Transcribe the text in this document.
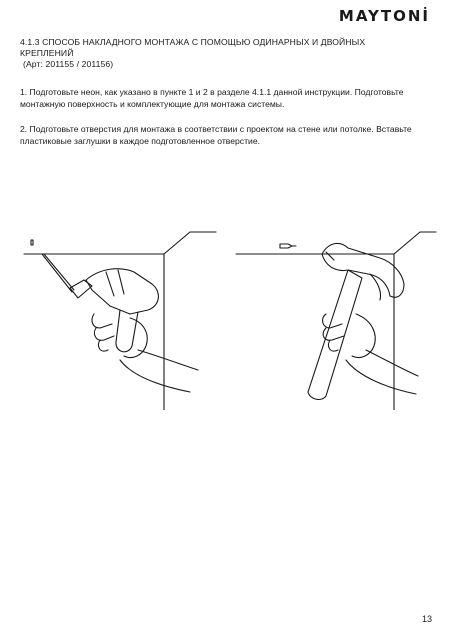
MAYTONİ
4.1.3 СПОСОБ НАКЛАДНОГО МОНТАЖА С ПОМОЩЬЮ ОДИНАРНЫХ И ДВОЙНЫХ КРЕПЛЕНИЙ
(Арт: 201155 / 201156)
1. Подготовьте неон, как указано в пункте 1 и 2 в разделе 4.1.1 данной инструкции. Подготовьте монтажную поверхность и комплектующие для монтажа системы.
2. Подготовьте отверстия для монтажа в соответствии с проектом на стене или потолке. Вставьте пластиковые заглушки в каждое подготовленное отверстие.
13
